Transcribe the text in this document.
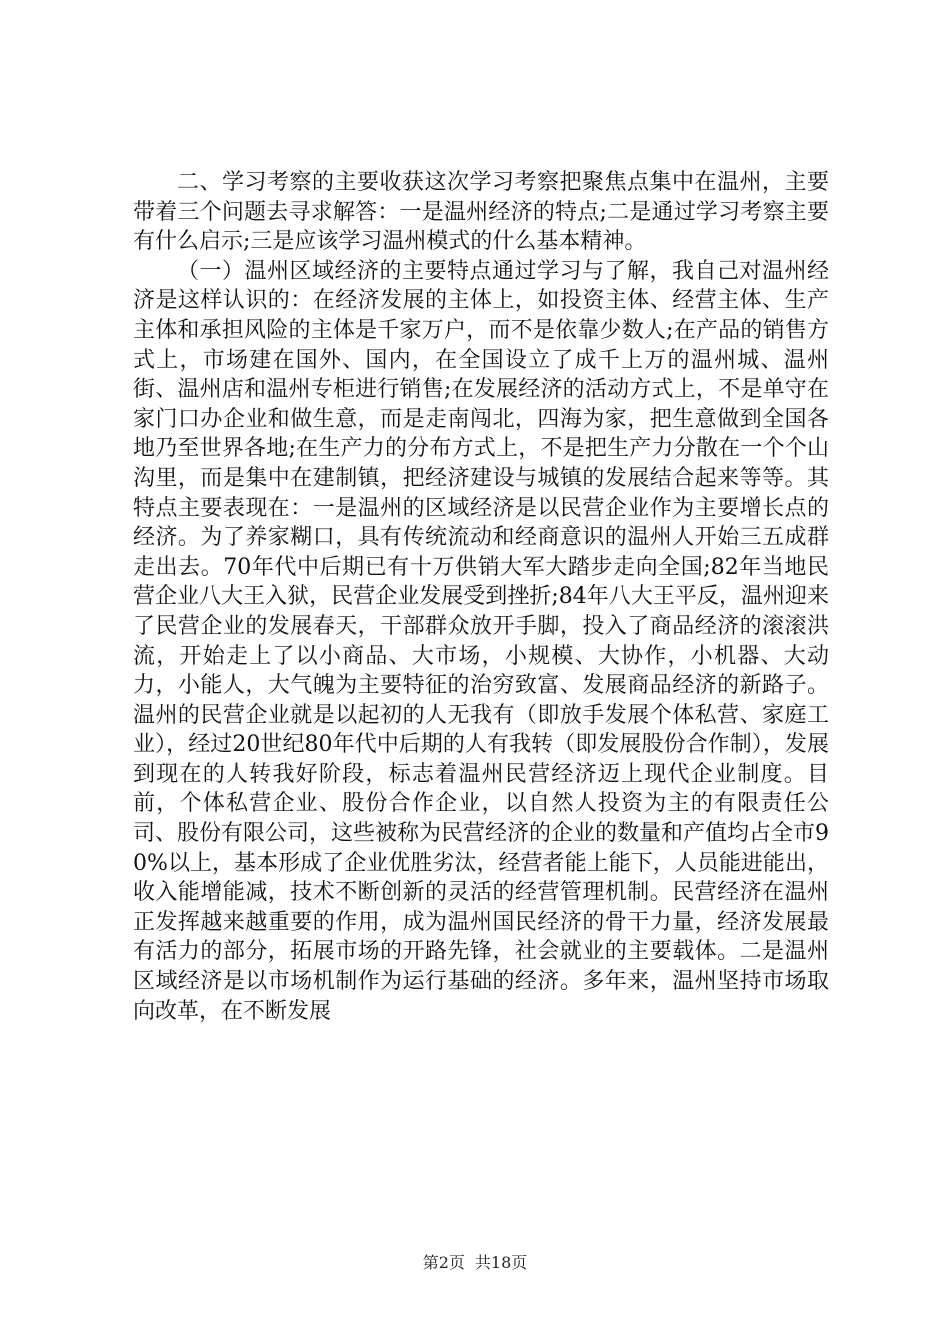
二、学习考察的主要收获这次学习考察把聚焦点集中在温州，主要带着三个问题去寻求解答：一是温州经济的特点;二是通过学习考察主要有什么启示;三是应该学习温州模式的什么基本精神。

（一）温州区域经济的主要特点通过学习与了解，我自己对温州经济是这样认识的：在经济发展的主体上，如投资主体、经营主体、生产主体和承担风险的主体是千家万户，而不是依靠少数人;在产品的销售方式上，市场建在国外、国内，在全国设立了成千上万的温州城、温州街、温州店和温州专柜进行销售;在发展经济的活动方式上，不是单守在家门口办企业和做生意，而是走南闯北，四海为家，把生意做到全国各地乃至世界各地;在生产力的分布方式上，不是把生产力分散在一个个山沟里，而是集中在建制镇，把经济建设与城镇的发展结合起来等等。其特点主要表现在：一是温州的区域经济是以民营企业作为主要增长点的经济。为了养家糊口，具有传统流动和经商意识的温州人开始三五成群走出去。70年代中后期已有十万供销大军大踏步走向全国;82年当地民营企业八大王入狱，民营企业发展受到挫折;84年八大王平反，温州迎来了民营企业的发展春天，干部群众放开手脚，投入了商品经济的滚滚洪流，开始走上了以小商品、大市场，小规模、大协作，小机器、大动力，小能人，大气魄为主要特征的治穷致富、发展商品经济的新路子。温州的民营企业就是以起初的人无我有（即放手发展个体私营、家庭工业），经过20世纪80年代中后期的人有我转（即发展股份合作制），发展到现在的人转我好阶段，标志着温州民营经济迈上现代企业制度。目前，个体私营企业、股份合作企业，以自然人投资为主的有限责任公司、股份有限公司，这些被称为民营经济的企业的数量和产值均占全市90%以上，基本形成了企业优胜劣汰，经营者能上能下，人员能进能出，收入能增能减，技术不断创新的灵活的经营管理机制。民营经济在温州正发挥越来越重要的作用，成为温州国民经济的骨干力量，经济发展最有活力的部分，拓展市场的开路先锋，社会就业的主要载体。二是温州区域经济是以市场机制作为运行基础的经济。多年来，温州坚持市场取向改革，在不断发展

第2页 共18页
